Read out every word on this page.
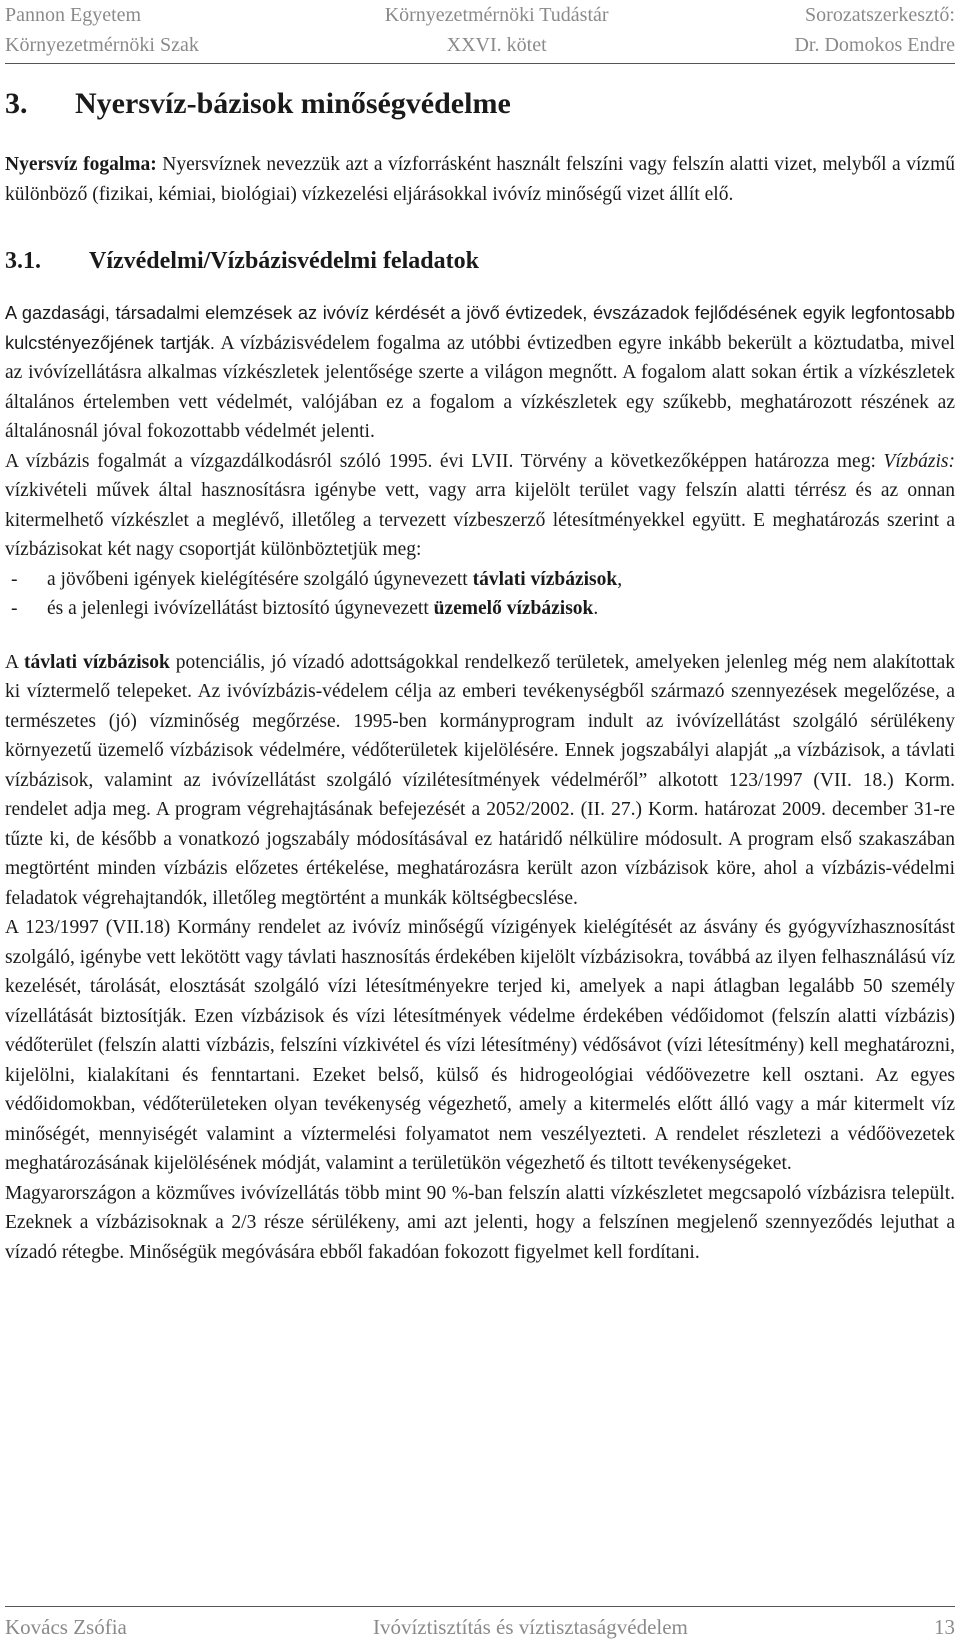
Pannon Egyetem
Környezetmérnöki Szak
Környezetmérnöki Tudástár
XXVI. kötet
Sorozatszerkesztő:
Dr. Domokos Endre
3.	Nyersvíz-bázisok minőségvédelme

Nyersvíz fogalma: Nyersvíznek nevezzük azt a vízforrásként használt felszíni vagy felszín alatti vizet, melyből a vízmű különböző (fizikai, kémiai, biológiai) vízkezelési eljárásokkal ivóvíz minőségű vizet állít elő.

3.1.	Vízvédelmi/Vízbázisvédelmi feladatok

A gazdasági, társadalmi elemzések az ivóvíz kérdését a jövő évtizedek, évszázadok fejlődésének egyik legfontosabb kulcstényezőjének tartják. A vízbázisvédelem fogalma az utóbbi évtizedben egyre inkább bekerült a köztudatba, mivel az ivóvízellátásra alkalmas vízkészletek jelentősége szerte a világon megnőtt. A fogalom alatt sokan értik a vízkészletek általános értelemben vett védelmét, valójában ez a fogalom a vízkészletek egy szűkebb, meghatározott részének az általánosnál jóval fokozottabb védelmét jelenti.

A vízbázis fogalmát a vízgazdálkodásról szóló 1995. évi LVII. Törvény a következőképpen határozza meg: Vízbázis: vízkivételi művek által hasznosításra igénybe vett, vagy arra kijelölt terület vagy felszín alatti térrész és az onnan kitermelhető vízkészlet a meglévő, illetőleg a tervezett vízbeszerző létesítményekkel együtt. E meghatározás szerint a vízbázisokat két nagy csoportját különböztetjük meg:

-	a jövőbeni igények kielégítésére szolgáló úgynevezett távlati vízbázisok,
-	és a jelenlegi ivóvízellátást biztosító úgynevezett üzemelő vízbázisok.

A távlati vízbázisok potenciális, jó vízadó adottságokkal rendelkező területek, amelyeken jelenleg még nem alakítottak ki víztermelő telepeket. Az ivóvízbázis-védelem célja az emberi tevékenységből származó szennyezések megelőzése, a természetes (jó) vízminőség megőrzése. 1995-ben kormányprogram indult az ivóvízellátást szolgáló sérülékeny környezetű üzemelő vízbázisok védelmére, védőterületek kijelölésére. Ennek jogszabályi alapját „a vízbázisok, a távlati vízbázisok, valamint az ivóvízellátást szolgáló vízilétesítmények védelméről” alkotott 123/1997 (VII. 18.) Korm. rendelet adja meg. A program végrehajtásának befejezését a 2052/2002. (II. 27.) Korm. határozat 2009. december 31-re tűzte ki, de később a vonatkozó jogszabály módosításával ez határidő nélkülire módosult. A program első szakaszában megtörtént minden vízbázis előzetes értékelése, meghatározásra került azon vízbázisok köre, ahol a vízbázis-védelmi feladatok végrehajtandók, illetőleg megtörtént a munkák költségbecslése.

A 123/1997 (VII.18) Kormány rendelet az ivóvíz minőségű vízigények kielégítését az ásvány és gyógyvízhasznosítást szolgáló, igénybe vett lekötött vagy távlati hasznosítás érdekében kijelölt vízbázisokra, továbbá az ilyen felhasználású víz kezelését, tárolását, elosztását szolgáló vízi létesítményekre terjed ki, amelyek a napi átlagban legalább 50 személy vízellátását biztosítják. Ezen vízbázisok és vízi létesítmények védelme érdekében védőidomot (felszín alatti vízbázis) védőterület (felszín alatti vízbázis, felszíni vízkivétel és vízi létesítmény) védősávot (vízi létesítmény) kell meghatározni, kijelölni, kialakítani és fenntartani. Ezeket belső, külső és hidrogeológiai védőövezetre kell osztani. Az egyes védőidomokban, védőterületeken olyan tevékenység végezhető, amely a kitermelés előtt álló vagy a már kitermelt víz minőségét, mennyiségét valamint a víztermelési folyamatot nem veszélyezteti. A rendelet részletezi a védőövezetek meghatározásának kijelölésének módját, valamint a területükön végezhető és tiltott tevékenységeket.

Magyarországon a közműves ivóvízellátás több mint 90 %-ban felszín alatti vízkészletet megcsapoló vízbázisra települt. Ezeknek a vízbázisoknak a 2/3 része sérülékeny, ami azt jelenti, hogy a felszínen megjelenő szennyeződés lejuthat a vízadó rétegbe. Minőségük megóvására ebből fakadóan fokozott figyelmet kell fordítani.

Kovács Zsófia	Ivóvíztisztítás és víztisztaságvédelem	13
